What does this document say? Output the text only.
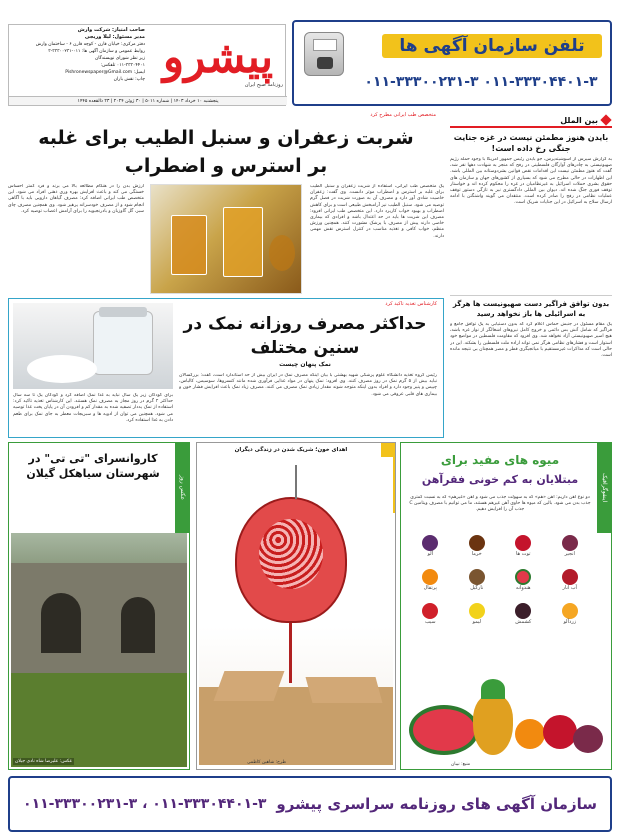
صاحب امتیاز: شرکت وارش
مدیر مسئول: لیلا وریجی
دفتر مرکزی: خیابان قارن - کوچه قارن ۶ - ساختمان وارش
روابط عمومی و سازمان آگهی ها: ۰۱۱-۳۳۳۰۰۲۳۱-۳
زیر نظر شورای نویسندگان
۰۱۱-۳۳۳۰۴۴۰۱ تلفکس:
Pishronewspaper@Gmail.com :ایمیل
چاپ: نقش باران پیشرو
روزنامه صبح ایران
پنجشنبه ۱۰ خرداد ۱۴۰۳ | شماره ۵۰۱۱ | ۳۰ ژوئن ۲۰۲۴ | ۲۳ ذالقعده ۱۴۴۵
تلفن سازمان آگهی ها
۰۱۱-۳۳۳۰۰۲۳۱-۳ ۰۱۱-۳۳۳۰۴۴۰۱-۳
بین الملل
بایدن هنوز مطمئن نیست در غزه جنایت جنگی رخ داده است!
به گزارش سیرس از آسوشیتدپرس، جو بایدن رئیس جمهور آمریکا با وجود حمله رژیم صهیونیستی به چادرهای آوارگان فلسطینی در رفح که منجر به شهادت دهها نفر شد، گفت که هنوز مطمئن نیست این اقدامات نقض قوانین بشردوستانه بین المللی باشد. این اظهارات در حالی مطرح می شود که بسیاری از کشورهای جهان و سازمان های حقوق بشری حملات اسرائیل به غیرنظامیان در غزه را محکوم کرده اند و خواستار توقف فوری جنگ شده اند. دیوان بین المللی دادگستری نیز به تازگی دستور توقف عملیات نظامی در رفح را صادر کرده است. منتقدان می گویند واشنگتن با ادامه ارسال سلاح به اسرائیل در این جنایات شریک است.
بدون توافق فراگیر دست صهیونیست ها هرگز به اسرائیلی ها باز نخواهد رسید
یک مقام مسئول در جنبش حماس اعلام کرد که بدون دستیابی به یک توافق جامع و فراگیر که شامل آتش بس دائمی و خروج کامل نیروهای اشغالگر از نوار غزه باشد، هیچ اسیر صهیونیستی آزاد نخواهد شد. وی افزود که مقاومت فلسطین در مواضع خود استوار است و فشارهای نظامی هرگز نمی تواند اراده ملت فلسطین را بشکند. این در حالی است که مذاکرات غیرمستقیم با میانجیگری قطر و مصر همچنان بی نتیجه مانده است.
متخصص طب ایرانی مطرح کرد
شربت زعفران و سنبل الطیب برای غلبه
بر استرس و اضطراب
یک متخصص طب ایرانی، استفاده از شربت زعفران و سنبل الطیب برای غلبه بر استرس و اضطراب موثر دانست. وی گفت: زعفران خاصیت شادی آور دارد و مصرف آن به صورت شربت در فصل گرم توصیه می شود. سنبل الطیب نیز آرامبخش طبیعی است و برای کاهش اضطراب و بهبود خواب کاربرد دارد. این متخصص طب ایرانی افزود: مصرف این شربت ها باید در حد اعتدال باشد و افرادی که بیماری خاصی دارند پیش از مصرف با پزشک مشورت کنند. همچنین ورزش منظم، خواب کافی و تغذیه مناسب در کنترل استرس نقش مهمی دارند.
ارزش بدن را در هنگام مطالعه بالا می برند و فرد کمتر احساس خستگی می کند و باعث افزایش بهره وری ذهنی افراد می شود. این متخصص طب ایرانی اضافه کرد: مصرف گیاهان دارویی باید با آگاهی انجام شود و از مصرف خودسرانه پرهیز شود. وی همچنین مصرف چای سبز، گل گاوزبان و بادرنجبویه را برای آرامش اعصاب توصیه کرد.
کارشناس تغذیه تاکید کرد
حداکثر مصرف روزانه نمک در
سنین مختلف
نمک پنهان چیست
رئیس گروه تغذیه دانشگاه علوم پزشکی شهید بهشتی با بیان اینکه مصرف نمک در ایران بیش از حد استاندارد است، گفت: بزرگسالان نباید بیش از ۵ گرم نمک در روز مصرف کنند. وی افزود: نمک پنهان در مواد غذایی فرآوری شده مانند کنسروها، سوسیس، کالباس، چیپس و پنیر وجود دارد و افراد بدون اینکه متوجه شوند مقدار زیادی نمک مصرف می کنند. مصرف زیاد نمک باعث افزایش فشار خون و بیماری های قلبی عروقی می شود.
برای کودکان زیر یک سال نباید به غذا نمک اضافه کرد و کودکان یک تا سه سال حداکثر ۲ گرم در روز مجاز به مصرف نمک هستند. این کارشناس تغذیه تاکید کرد: استفاده از نمک یددار تصفیه شده به مقدار کم و افزودن آن در پایان پخت غذا توصیه می شود. همچنین می توان از ادویه ها و سبزیجات معطر به جای نمک برای طعم دادن به غذا استفاده کرد.
عکس روز
کاروانسرای "تی تی" در شهرستان سیاهکل گیلان
عکس: علیرضا شاه نادی جیلان
اهدای خون؛ شریک شدن در زندگی دیگران
طرح: شاهین کاظمی
اینفوگرافیک
میوه های مفید برای
مبتلایان به کم خونی فقرآهن
دو نوع آهن داریم: آهن «هم» که به سهولت جذب می شود و آهن «غیرهم» که به نسبت کمتری جذب بدن می شود. بالین که میوه ها حاوی آهن غیرهم هستند، ما می توانیم با مصرف ویتامین C جذب آن را افزایش دهیم.
انجیر
توت ها
خرما
آلو
آب انار
هندوانه
نارگیل
پرتقال
زردآلو
کشمش
لیمو
سیب
منبع: نیبان
سازمان آگهی های روزنامه سراسری پیشرو
۰۱۱-۳۳۳۰۰۲۳۱-۳ ، ۰۱۱-۳۳۳۰۴۴۰۱-۳
